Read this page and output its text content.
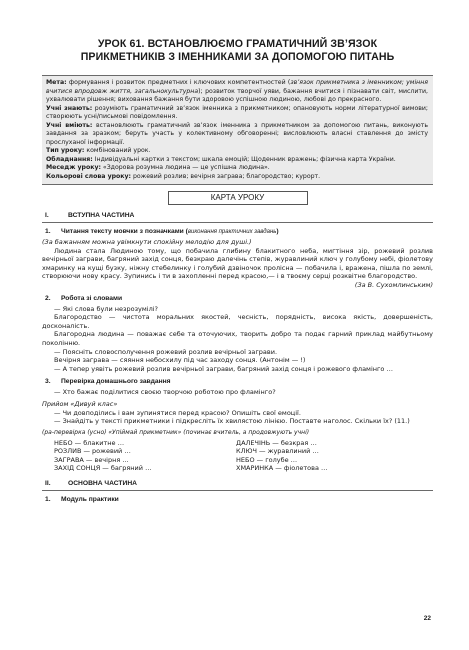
УРОК 61. ВСТАНОВЛЮЄМО ГРАМАТИЧНИЙ ЗВ’ЯЗОК
ПРИКМЕТНИКІВ З ІМЕННИКАМИ ЗА ДОПОМОГОЮ ПИТАНЬ

Мета: формування і розвиток предметних і ключових компетентностей (зв’язок прикметника з іменником; уміння вчитися впродовж життя, загальнокультурна); розвиток творчої уяви, бажання вчитися і пізнавати світ, мислити, ухвалювати рішення; виховання бажання бути здоровою успішною людиною, любові до прекрасного.

Учні знають: розуміють граматичний зв’язок іменника з прикметником; опановують норми літературної вимови; створюють усні/письмові повідомлення.

Учні вміють: встановлюють граматичний зв’язок іменника з прикметником за допомогою питань, виконують завдання за зразком; беруть участь у колективному обговоренні; висловлюють власні ставлення до змісту прослуханої інформації.

Тип уроку: комбінований урок.

Обладнання: Індивідуальні картки з текстом; шкала емоцій; Щоденник вражень; фізична карта України.

Меседж уроку: «Здорова розумна людина — це успішна людина».

Кольорові слова уроку: рожевий розлив; вечірня заграва; благородство; курорт.

КАРТА УРОКУ
I.	ВСТУПНА ЧАСТИНА
1.	Читання тексту мовчки з позначками (виконання практичних завдань)

(За бажанням можна увімкнути спокійну мелодію для душі.)

Людина стала Людиною тому, що побачила глибину блакитного неба, мигтіння зір, рожевий розлив вечірньої заграви, багряний захід сонця, безкраю далечінь степів, журавлиний ключ у голубому небі, фіолетову хмаринку на кущі бузку, ніжну стебелинку і голубий дзвіночок пролісна — побачила і, вражена, пішла по землі, створюючи нову красу. Зупинись і ти в захопленні перед красою,— і в твоєму серці розквітне благородство.

(За В. Сухомлинським)

2.	Робота зі словами

— Які слова були незрозумілі?

Благородство — чистота моральних якостей, чесність, порядність, висока якість, довершеність, досконалість.

Благородна людина — поважає себе та оточуючих, творить добро та подає гарний приклад майбутньому поколінню.

— Поясніть словосполучення рожевий розлив вечірньої заграви.

Вечірня заграва — сяяння небосхилу під час заходу сонця. (Антонім — !)

— А тепер уявіть рожевий розлив вечірньої заграви, багряний захід сонця і рожевого фламінго …

3.	Перевірка домашнього завдання

— Хто бажає поділитися своєю творчою роботою про фламінго?

Прийом «Дивуй клас»

— Чи довподілись і вам зупинятися перед красою? Опишіть свої емоції.

— Знайдіть у тексті прикметники і підкресліть їх хвилястою лінією. Поставте наголос. Скільки їх? (11.)

(ра-перевірка (усно) «Упіймай прикметник» (починає вчитель, а продовжують учні)

НЕБО — блакитне …	ДАЛЕЧІНЬ — безкрая …
РОЗЛИВ — рожевий …	КЛЮЧ — журавлиний …
ЗАГРАВА — вечірня …	НЕБО — голубе …
ЗАХІД СОНЦЯ — багряний …	ХМАРИНКА — фіолетова …
II.	ОСНОВНА ЧАСТИНА
1.	Модуль практики
22
